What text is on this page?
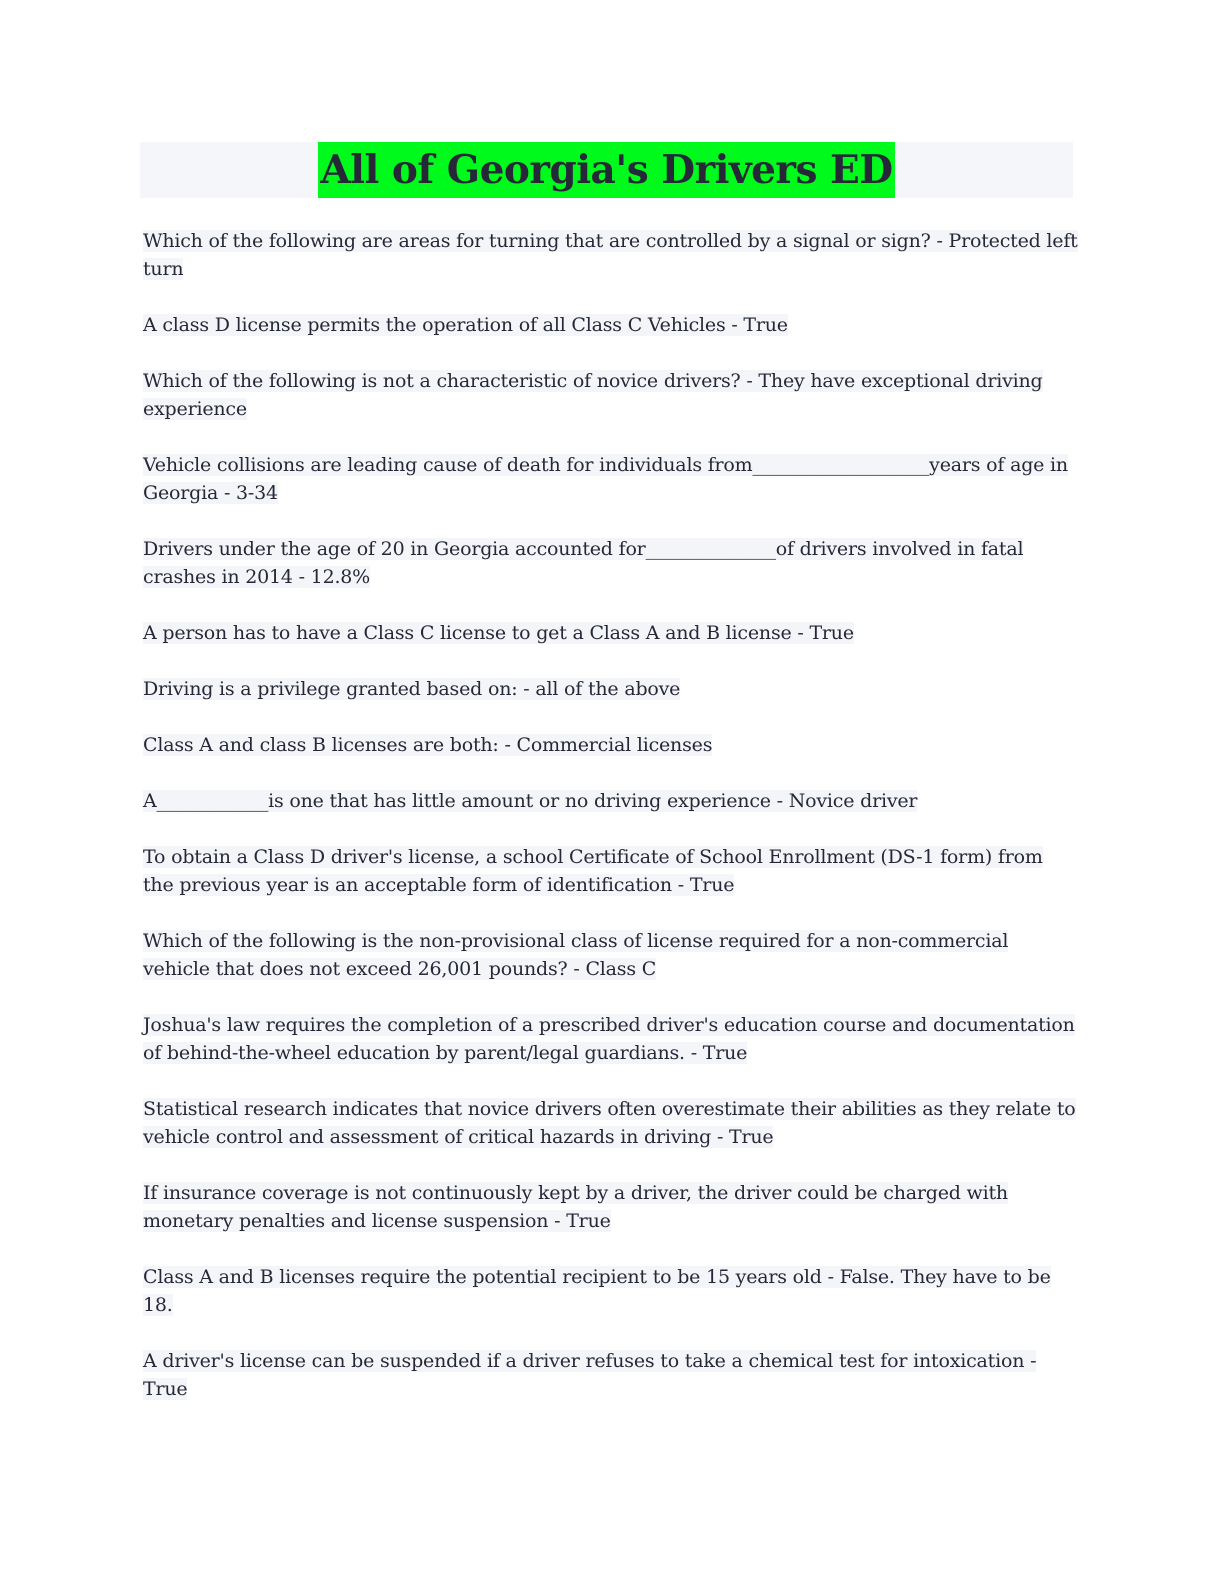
All of Georgia's Drivers ED

Which of the following are areas for turning that are controlled by a signal or sign? - Protected left turn

A class D license permits the operation of all Class C Vehicles - True

Which of the following is not a characteristic of novice drivers? - They have exceptional driving experience

Vehicle collisions are leading cause of death for individuals from___________________years of age in Georgia - 3-34

Drivers under the age of 20 in Georgia accounted for______________of drivers involved in fatal crashes in 2014 - 12.8%

A person has to have a Class C license to get a Class A and B license - True

Driving is a privilege granted based on: - all of the above

Class A and class B licenses are both: - Commercial licenses

A____________is one that has little amount or no driving experience - Novice driver

To obtain a Class D driver's license, a school Certificate of School Enrollment (DS-1 form) from the previous year is an acceptable form of identification - True

Which of the following is the non-provisional class of license required for a non-commercial vehicle that does not exceed 26,001 pounds? - Class C

Joshua's law requires the completion of a prescribed driver's education course and documentation of behind-the-wheel education by parent/legal guardians. - True

Statistical research indicates that novice drivers often overestimate their abilities as they relate to vehicle control and assessment of critical hazards in driving - True

If insurance coverage is not continuously kept by a driver, the driver could be charged with monetary penalties and license suspension - True

Class A and B licenses require the potential recipient to be 15 years old - False. They have to be 18.

A driver's license can be suspended if a driver refuses to take a chemical test for intoxication - True
